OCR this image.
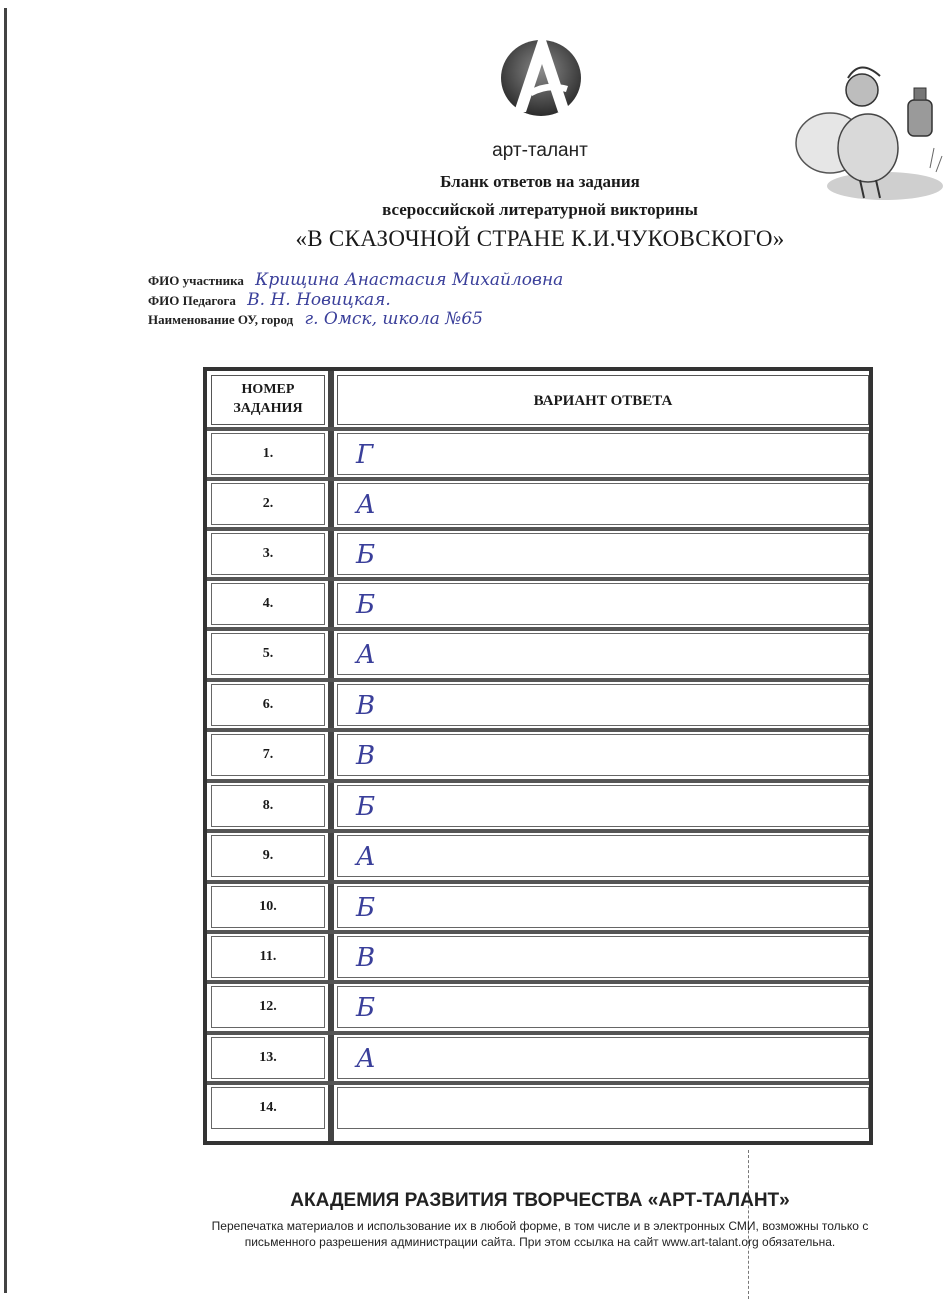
арт-талант
Бланк ответов на задания
всероссийской литературной викторины
«В СКАЗОЧНОЙ СТРАНЕ К.И.ЧУКОВСКОГО»
ФИО участника Крищина Анастасия Михайловна
ФИО Педагога В. Н. Новицкая.
Наименование ОУ, город г. Омск, школа №65
НОМЕР ЗАДАНИЯ	ВАРИАНТ ОТВЕТА
1.	Г
2.	А
3.	Б
4.	Б
5.	А
6.	В
7.	В
8.	Б
9.	А
10.	Б
11.	В
12.	Б
13.	А
14.
АКАДЕМИЯ РАЗВИТИЯ ТВОРЧЕСТВА «АРТ-ТАЛАНТ»
Перепечатка материалов и использование их в любой форме, в том числе и в электронных СМИ, возможны только с
письменного разрешения администрации сайта. При этом ссылка на сайт www.art-talant.org обязательна.
